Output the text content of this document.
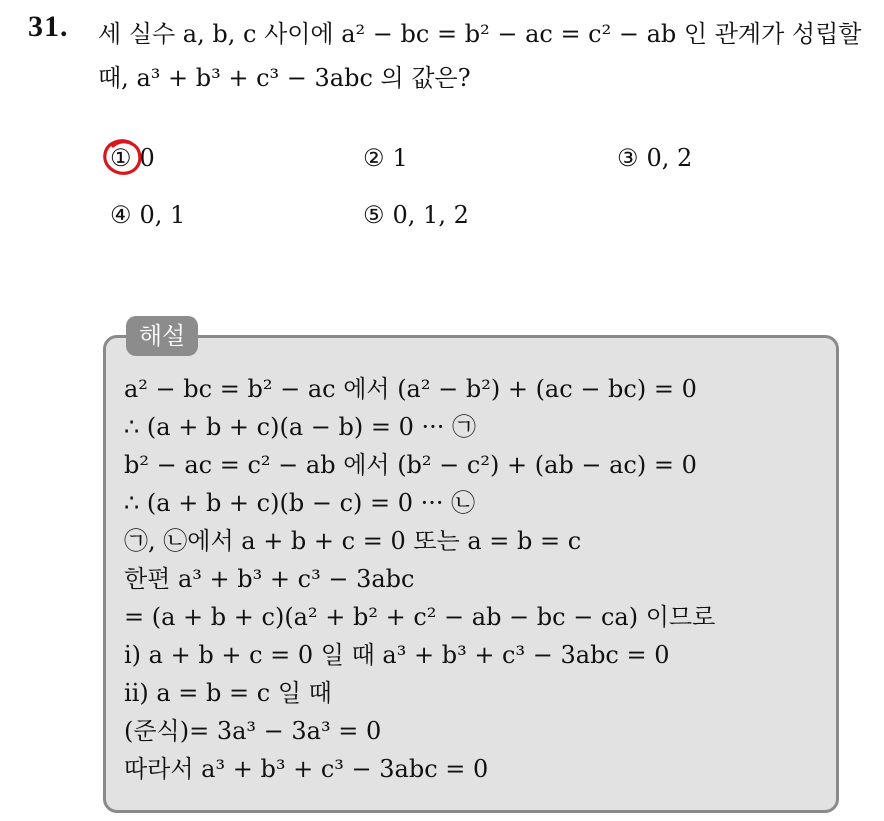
31. 세 실수 a, b, c 사이에 a² − bc = b² − ac = c² − ab 인 관계가 성립할
때, a³ + b³ + c³ − 3abc 의 값은?
① 0	② 1	③ 0, 2
④ 0, 1	⑤ 0, 1, 2
해설
a² − bc = b² − ac 에서 (a² − b²) + (ac − bc) = 0
∴ (a + b + c)(a − b) = 0 ··· ㉠
b² − ac = c² − ab 에서 (b² − c²) + (ab − ac) = 0
∴ (a + b + c)(b − c) = 0 ··· ㉡
㉠, ㉡에서 a + b + c = 0 또는 a = b = c
한편 a³ + b³ + c³ − 3abc
= (a + b + c)(a² + b² + c² − ab − bc − ca) 이므로
ⅰ) a + b + c = 0 일 때 a³ + b³ + c³ − 3abc = 0
ⅱ) a = b = c 일 때
(준식)= 3a³ − 3a³ = 0
따라서 a³ + b³ + c³ − 3abc = 0
